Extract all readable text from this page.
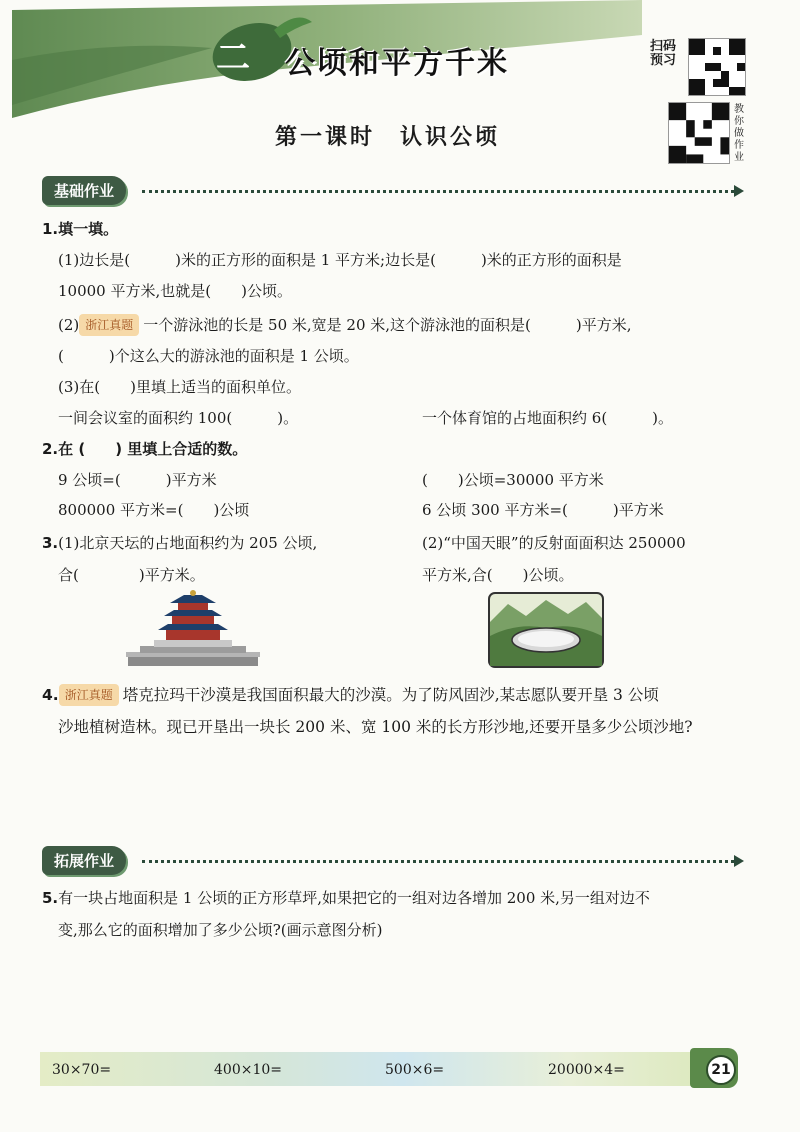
二 公顷和平方千米
第一课时　认识公顷
扫码
预习
教你做作业
基础作业
1.填一填。
(1)边长是(　　　)米的正方形的面积是 1 平方米;边长是(　　　)米的正方形的面积是
10000 平方米,也就是(　　)公顷。
(2) 浙江真题 一个游泳池的长是 50 米,宽是 20 米,这个游泳池的面积是(　　　)平方米,
(　　　)个这么大的游泳池的面积是 1 公顷。
(3)在(　　)里填上适当的面积单位。
一间会议室的面积约 100(　　　)。	一个体育馆的占地面积约 6(　　　)。
2.在 (　　) 里填上合适的数。
9 公顷=(　　　)平方米	(　　)公顷=30000 平方米
800000 平方米=(　　)公顷	6 公顷 300 平方米=(　　　)平方米
3.(1)北京天坛的占地面积约为 205 公顷,
合(　　　　)平方米。
(2)“中国天眼”的反射面面积达 250000
平方米,合(　　)公顷。
4. 浙江真题 塔克拉玛干沙漠是我国面积最大的沙漠。为了防风固沙,某志愿队要开垦 3 公顷
沙地植树造林。现已开垦出一块长 200 米、宽 100 米的长方形沙地,还要开垦多少公顷沙地?
拓展作业
5.有一块占地面积是 1 公顷的正方形草坪,如果把它的一组对边各增加 200 米,另一组对边不
变,那么它的面积增加了多少公顷?(画示意图分析)
30×70=	400×10=	500×6=	20000×4=	21
